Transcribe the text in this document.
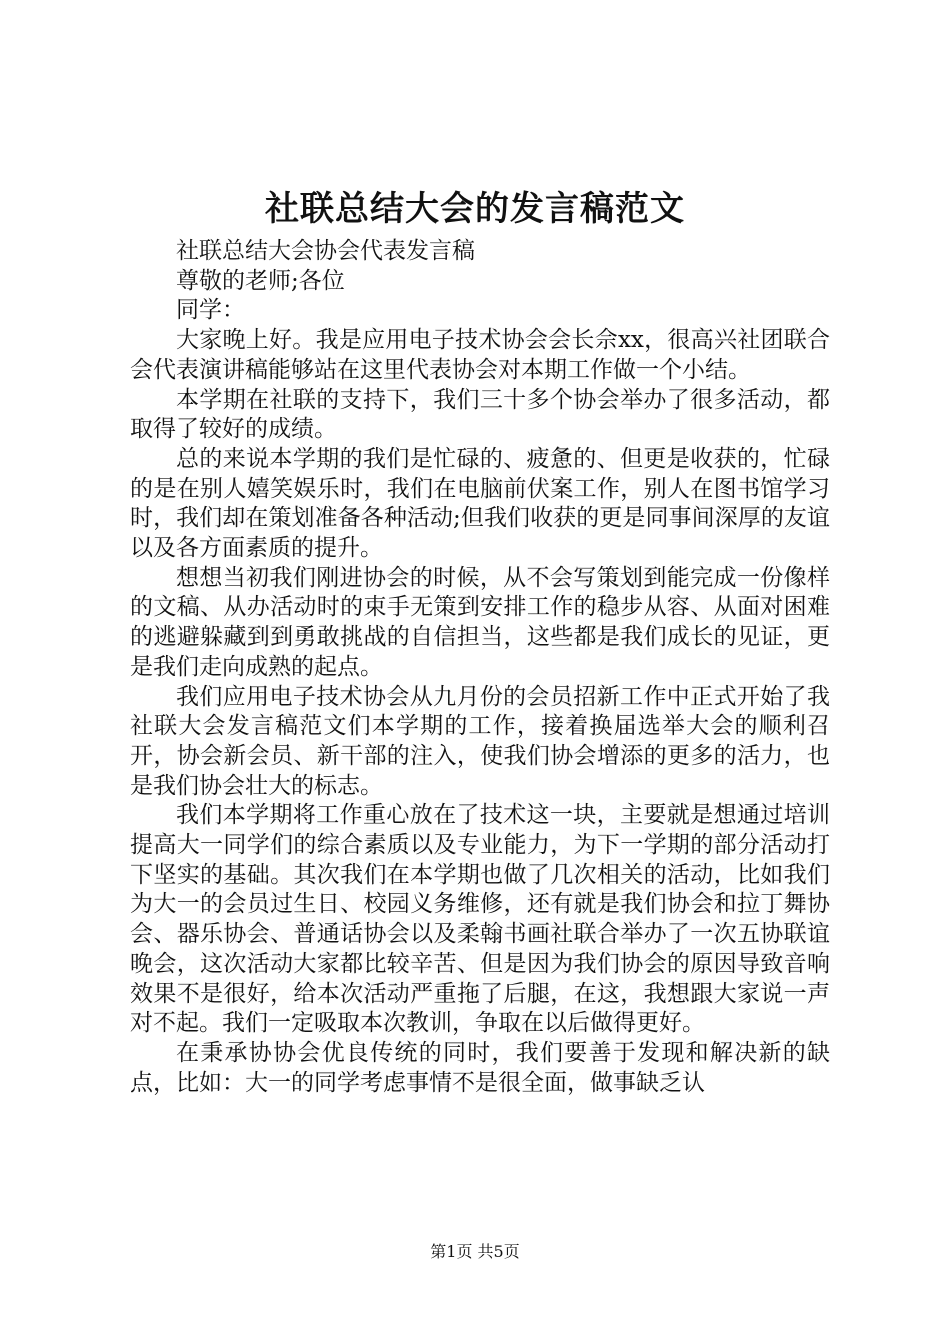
社联总结大会的发言稿范文

社联总结大会协会代表发言稿

尊敬的老师;各位

同学：

大家晚上好。我是应用电子技术协会会长佘xx，很高兴社团联合会代表演讲稿能够站在这里代表协会对本期工作做一个小结。

本学期在社联的支持下，我们三十多个协会举办了很多活动，都取得了较好的成绩。

总的来说本学期的我们是忙碌的、疲惫的、但更是收获的，忙碌的是在别人嬉笑娱乐时，我们在电脑前伏案工作，别人在图书馆学习时，我们却在策划准备各种活动;但我们收获的更是同事间深厚的友谊以及各方面素质的提升。

想想当初我们刚进协会的时候，从不会写策划到能完成一份像样的文稿、从办活动时的束手无策到安排工作的稳步从容、从面对困难的逃避躲藏到到勇敢挑战的自信担当，这些都是我们成长的见证，更是我们走向成熟的起点。

我们应用电子技术协会从九月份的会员招新工作中正式开始了我社联大会发言稿范文们本学期的工作，接着换届选举大会的顺利召开，协会新会员、新干部的注入，使我们协会增添的更多的活力，也是我们协会壮大的标志。

我们本学期将工作重心放在了技术这一块，主要就是想通过培训提高大一同学们的综合素质以及专业能力，为下一学期的部分活动打下坚实的基础。其次我们在本学期也做了几次相关的活动，比如我们为大一的会员过生日、校园义务维修，还有就是我们协会和拉丁舞协会、器乐协会、普通话协会以及柔翰书画社联合举办了一次五协联谊晚会，这次活动大家都比较辛苦、但是因为我们协会的原因导致音响效果不是很好，给本次活动严重拖了后腿，在这，我想跟大家说一声对不起。我们一定吸取本次教训，争取在以后做得更好。

在秉承协协会优良传统的同时，我们要善于发现和解决新的缺点，比如：大一的同学考虑事情不是很全面，做事缺乏认

第1页 共5页
